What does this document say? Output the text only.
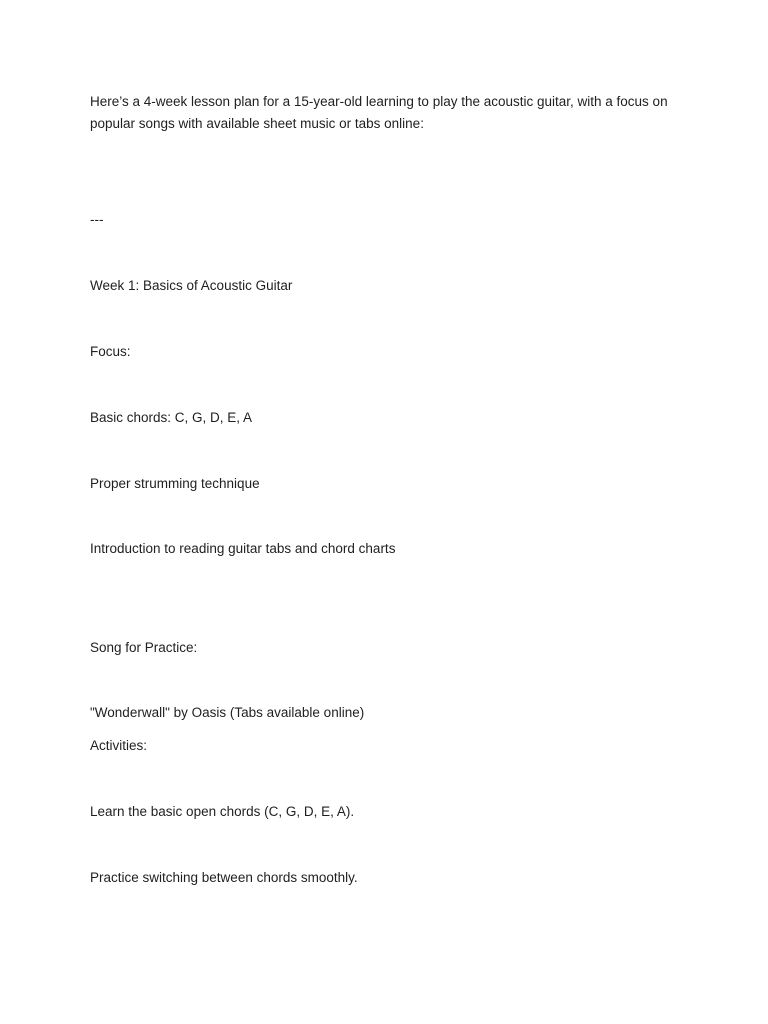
Here’s a 4-week lesson plan for a 15-year-old learning to play the acoustic guitar, with a focus on popular songs with available sheet music or tabs online:
---
Week 1: Basics of Acoustic Guitar
Focus:
Basic chords: C, G, D, E, A
Proper strumming technique
Introduction to reading guitar tabs and chord charts
Song for Practice:
"Wonderwall" by Oasis (Tabs available online)
Activities:
Learn the basic open chords (C, G, D, E, A).
Practice switching between chords smoothly.
